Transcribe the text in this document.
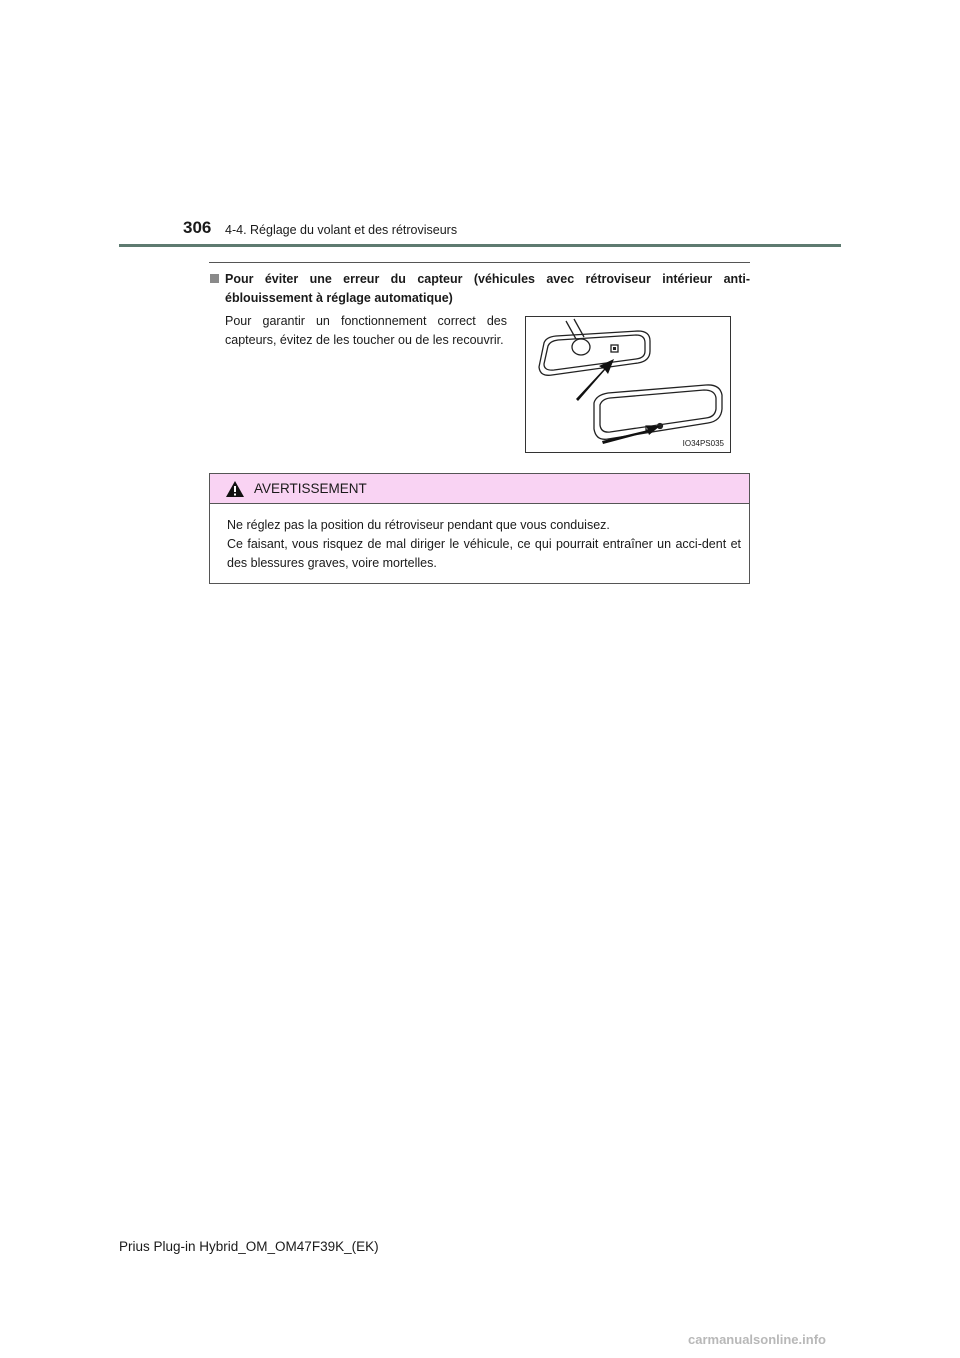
306 4-4. Réglage du volant et des rétroviseurs
Pour éviter une erreur du capteur (véhicules avec rétroviseur intérieur anti-
éblouissement à réglage automatique)
Pour garantir un fonctionnement correct des capteurs, évitez de les toucher ou de les recouvrir.
IO34PS035
AVERTISSEMENT
Ne réglez pas la position du rétroviseur pendant que vous conduisez.
Ce faisant, vous risquez de mal diriger le véhicule, ce qui pourrait entraîner un acci-dent et des blessures graves, voire mortelles.
Prius Plug-in Hybrid_OM_OM47F39K_(EK)
carmanualsonline.info
